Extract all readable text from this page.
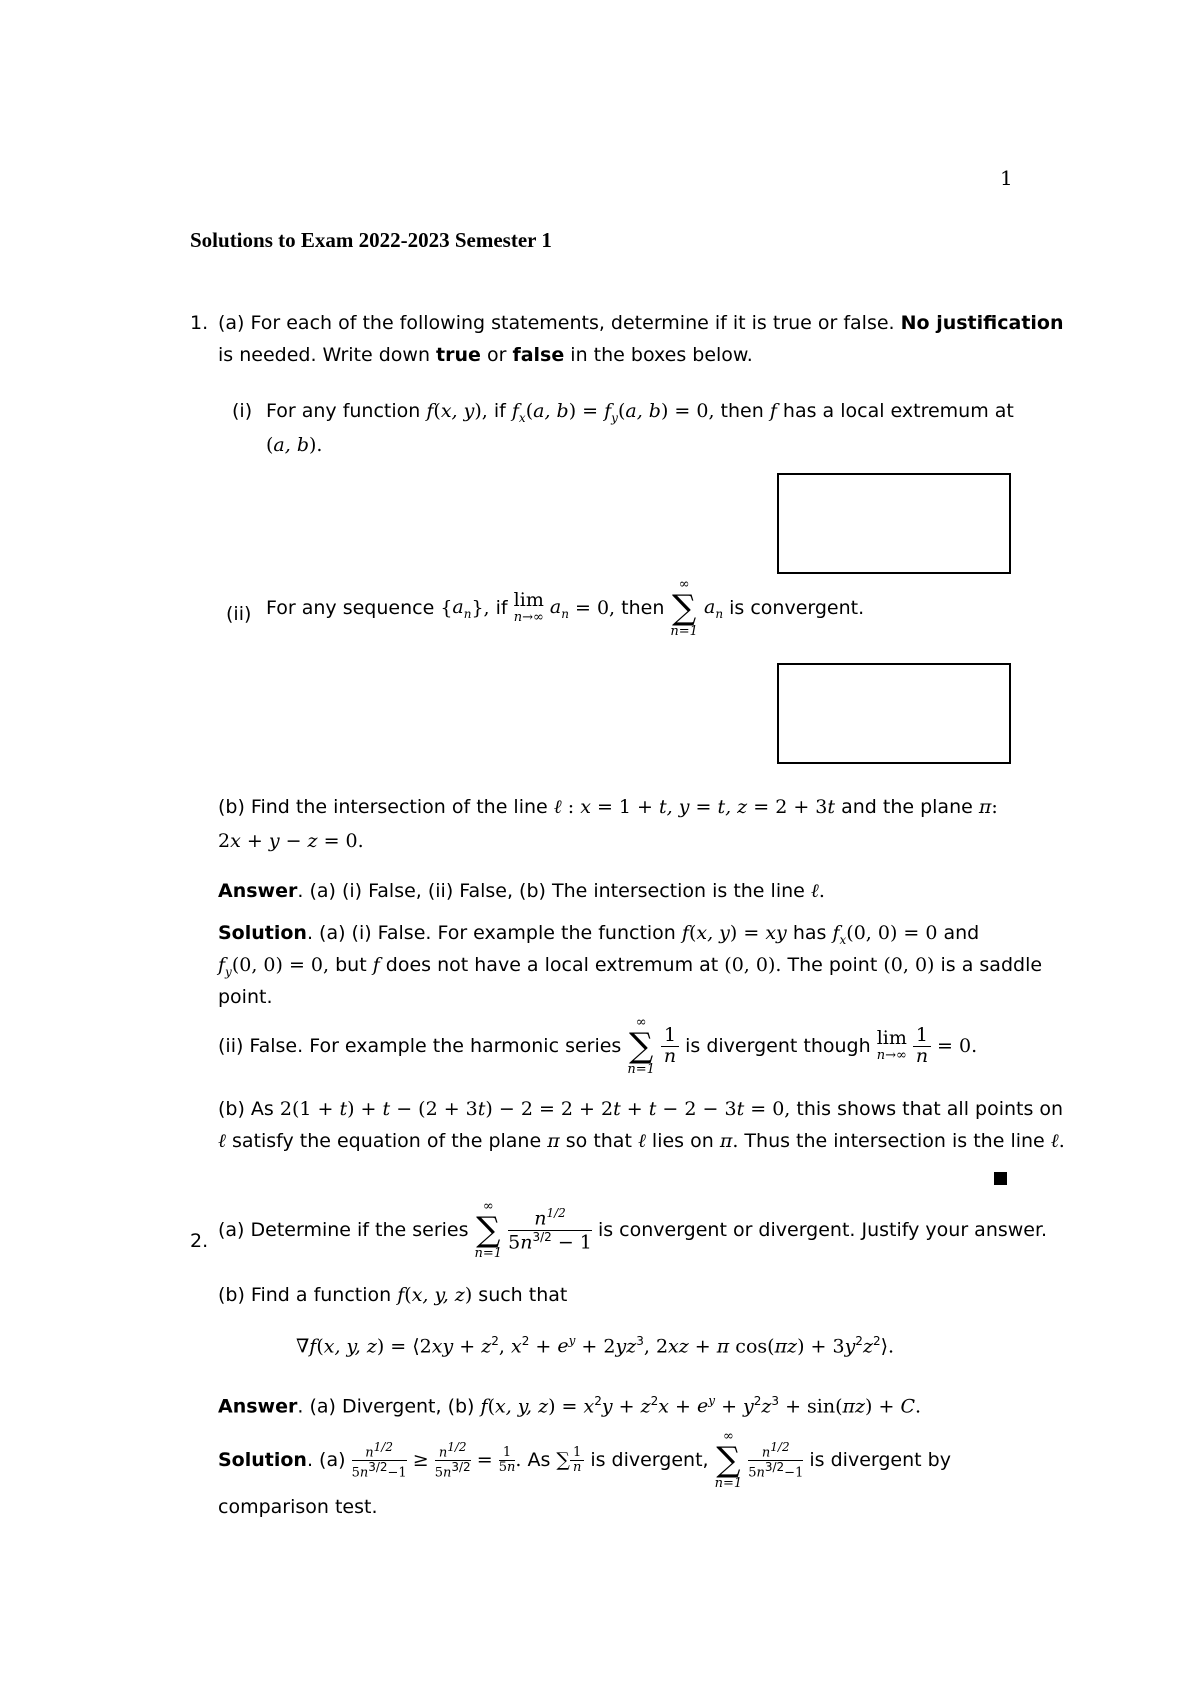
1
Solutions to Exam 2022-2023 Semester 1
1. (a) For each of the following statements, determine if it is true or false. No justification
is needed. Write down true or false in the boxes below.
(i) For any function f(x, y), if $f_x(a$, $b) = f_y(a$, b) = 0, then f has a local extremum at
(a, b).
(ii) For any sequence $\{a_n\}$, if lim
n→∞
$a_n = 0$, then
∞
∑
n=1
$a_n$ is convergent.
(b) Find the intersection of the line ℓ : x = 1 + t, y = t, z = 2 + 3t and the plane π:
2x + y − z = 0.
Answer. (a) (i) False, (ii) False, (b) The intersection is the line ℓ.
Solution. (a) (i) False. For example the function f(x, y) = xy has $f_x(0$, 0) = 0 and
$f_y(0$, 0) = 0, but f does not have a local extremum at (0, 0). The point (0, 0) is a saddle
point.
(ii) False. For example the harmonic series
∞
∑
n=1

$\frac{1}{n}$ is divergent though lim
n→∞
$\frac{1}{n} = 0$.
(b) As 2(1 + t) + t − (2 + 3t) − 2 = 2 + 2t + t − 2 − 3t = 0, this shows that all points on
ℓ satisfy the equation of the plane π so that ℓ lies on π. Thus the intersection is the line ℓ.
2. (a) Determine if the series
∞
∑
n=1

$\frac{n^{1/2}}{5n^{3/2} - 1}$ is convergent or divergent. Justify your answer.
(b) Find a function f(x, y, z) such that
∇f(x, y, z) = ⟨2xy + $z^2$, $x^2 + e^y + 2yz^3$, 2xz + π $\cos(\pi z) + 3y^2z^2⟩$.
Answer. (a) Divergent, (b) f(x, y, $z) = x^2y + z^2x + e^y + y^2z^3 + \sin(\pi z) + C$.
Solution. $(a) \frac{n^{1/2}}{5n^{3/2}-1} \ge \frac{n^{1/2}}{5n^{3/2}} = \frac{1}{5n}$ . As ∑ $\frac{1}{n}$ is divergent,
∞
∑
n=1

$\frac{n^{1/2}}{5n^{3/2}-1}$ is divergent by
comparison test.
